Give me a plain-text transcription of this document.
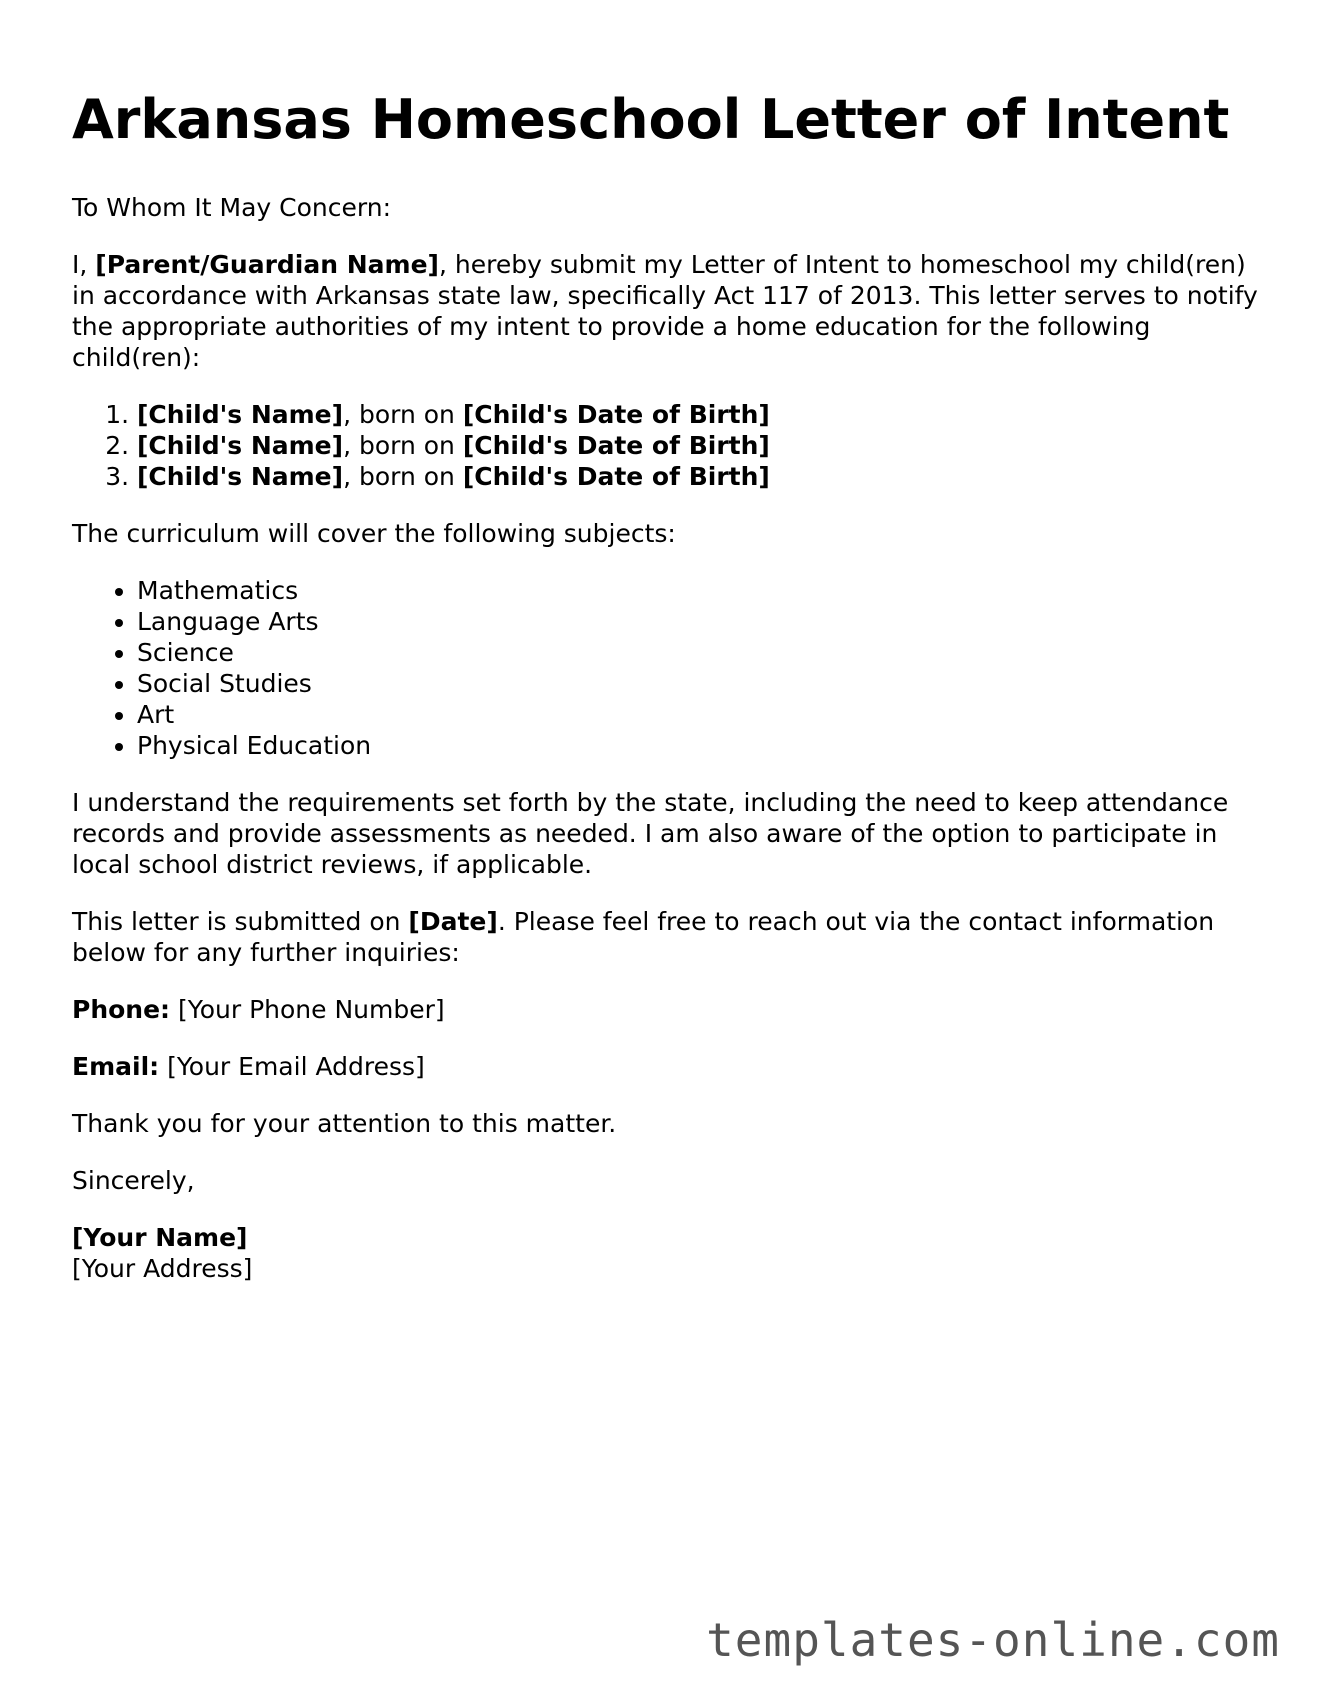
Arkansas Homeschool Letter of Intent

To Whom It May Concern:

I, [Parent/Guardian Name], hereby submit my Letter of Intent to homeschool my child(ren) in accordance with Arkansas state law, specifically Act 117 of 2013. This letter serves to notify the appropriate authorities of my intent to provide a home education for the following child(ren):

1. [Child's Name], born on [Child's Date of Birth]
2. [Child's Name], born on [Child's Date of Birth]
3. [Child's Name], born on [Child's Date of Birth]

The curriculum will cover the following subjects:

• Mathematics
• Language Arts
• Science
• Social Studies
• Art
• Physical Education

I understand the requirements set forth by the state, including the need to keep attendance records and provide assessments as needed. I am also aware of the option to participate in local school district reviews, if applicable.

This letter is submitted on [Date]. Please feel free to reach out via the contact information below for any further inquiries:

Phone: [Your Phone Number]

Email: [Your Email Address]

Thank you for your attention to this matter.

Sincerely,

[Your Name]
[Your Address]
templates-online.com
